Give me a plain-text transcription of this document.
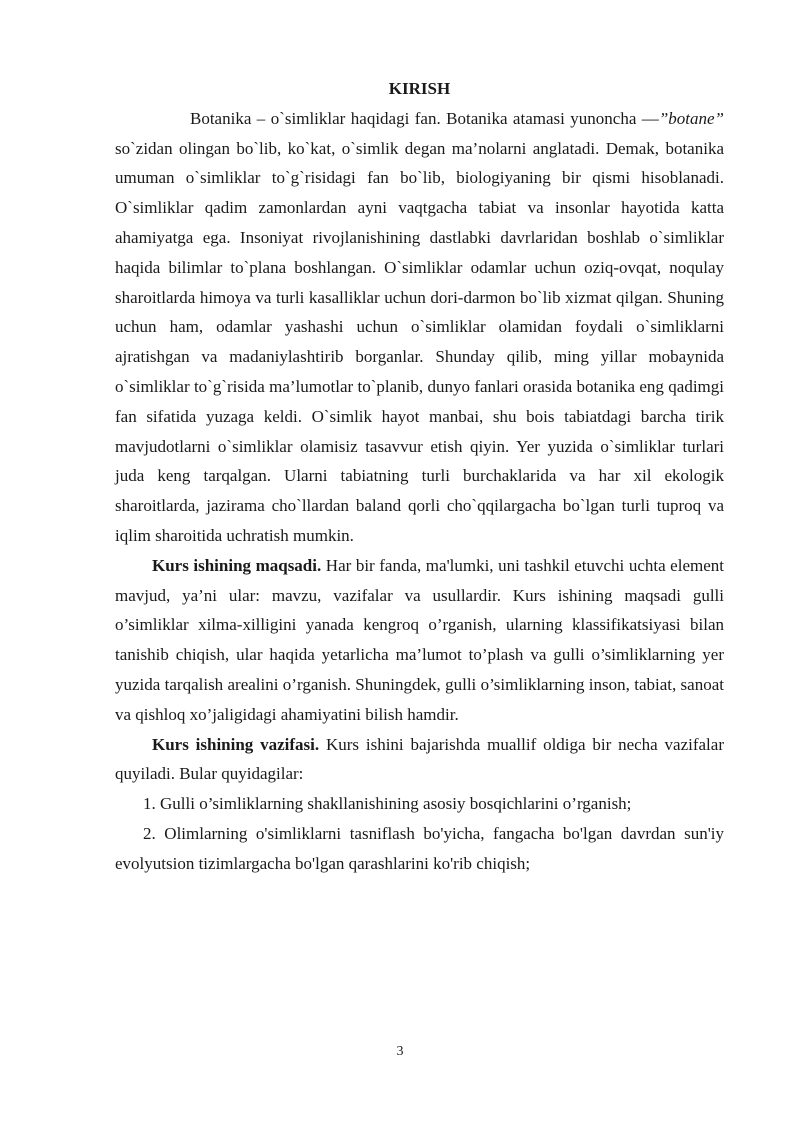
KIRISH

Botanika – o`simliklar haqidagi fan. Botanika atamasi yunoncha —”botane” so`zidan olingan bo`lib, ko`kat, o`simlik degan ma’nolarni anglatadi. Demak, botanika umuman o`simliklar to`g`risidagi fan bo`lib, biologiyaning bir qismi hisoblanadi. O`simliklar qadim zamonlardan ayni vaqtgacha tabiat va insonlar hayotida katta ahamiyatga ega. Insoniyat rivojlanishining dastlabki davrlaridan boshlab o`simliklar haqida bilimlar to`plana boshlangan. O`simliklar odamlar uchun oziq-ovqat, noqulay sharoitlarda himoya va turli kasalliklar uchun dori-darmon bo`lib xizmat qilgan. Shuning uchun ham, odamlar yashashi uchun o`simliklar olamidan foydali o`simliklarni ajratishgan va madaniylashtirib borganlar. Shunday qilib, ming yillar mobaynida o`simliklar to`g`risida ma’lumotlar to`planib, dunyo fanlari orasida botanika eng qadimgi fan sifatida yuzaga keldi. O`simlik hayot manbai, shu bois tabiatdagi barcha tirik mavjudotlarni o`simliklar olamisiz tasavvur etish qiyin. Yer yuzida o`simliklar turlari juda keng tarqalgan. Ularni tabiatning turli burchaklarida va har xil ekologik sharoitlarda, jazirama cho`llardan baland qorli cho`qqilargacha bo`lgan turli tuproq va iqlim sharoitida uchratish mumkin.

Kurs ishining maqsadi. Har bir fanda, ma'lumki, uni tashkil etuvchi uchta element mavjud, ya’ni ular: mavzu, vazifalar va usullardir. Kurs ishining maqsadi gulli o’simliklar xilma-xilligini yanada kengroq o’rganish, ularning klassifikatsiyasi bilan tanishib chiqish, ular haqida yetarlicha ma’lumot to’plash va gulli o’simliklarning yer yuzida tarqalish arealini o’rganish. Shuningdek, gulli o’simliklarning inson, tabiat, sanoat va qishloq xo’jaligidagi ahamiyatini bilish hamdir.

Kurs ishining vazifasi. Kurs ishini bajarishda muallif oldiga bir necha vazifalar quyiladi. Bular quyidagilar:

1. Gulli o’simliklarning shakllanishining asosiy bosqichlarini o’rganish;

2. Olimlarning o'simliklarni tasniflash bo'yicha, fangacha bo'lgan davrdan sun'iy evolyutsion tizimlargacha bo'lgan qarashlarini ko'rib chiqish;

3
